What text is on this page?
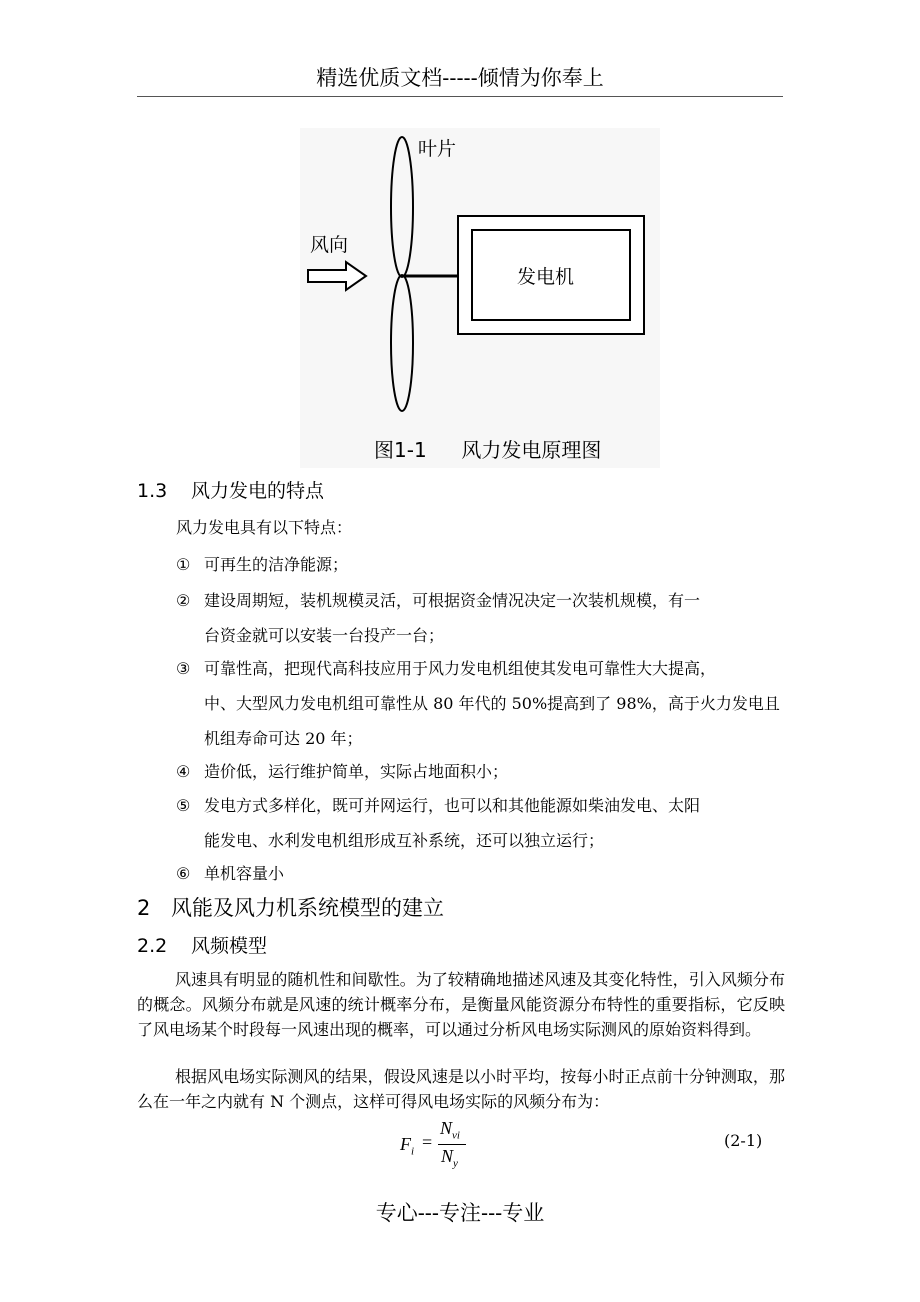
精选优质文档-----倾情为你奉上
叶片
风向
发电机
图1-1 风力发电原理图
1.3 风力发电的特点
风力发电具有以下特点：
① 可再生的洁净能源；
② 建设周期短，装机规模灵活，可根据资金情况决定一次装机规模，有一
台资金就可以安装一台投产一台；
③ 可靠性高，把现代高科技应用于风力发电机组使其发电可靠性大大提高，
中、大型风力发电机组可靠性从 80 年代的 50%提高到了 98%，高于火力发电且机组寿命可达 20 年；
④ 造价低，运行维护简单，实际占地面积小；
⑤ 发电方式多样化，既可并网运行，也可以和其他能源如柴油发电、太阳
能发电、水利发电机组形成互补系统，还可以独立运行；
⑥ 单机容量小
2 风能及风力机系统模型的建立
2.2 风频模型
风速具有明显的随机性和间歇性。为了较精确地描述风速及其变化特性，引入风频分布的概念。风频分布就是风速的统计概率分布，是衡量风能资源分布特性的重要指标，它反映了风电场某个时段每一风速出现的概率，可以通过分析风电场实际测风的原始资料得到。
根据风电场实际测风的结果，假设风速是以小时平均，按每小时正点前十分钟测取，那么在一年之内就有 N 个测点，这样可得风电场实际的风频分布为：
$F_i$ =
$N_{vi}$
$N_y$
(2-1)
专心---专注---专业
